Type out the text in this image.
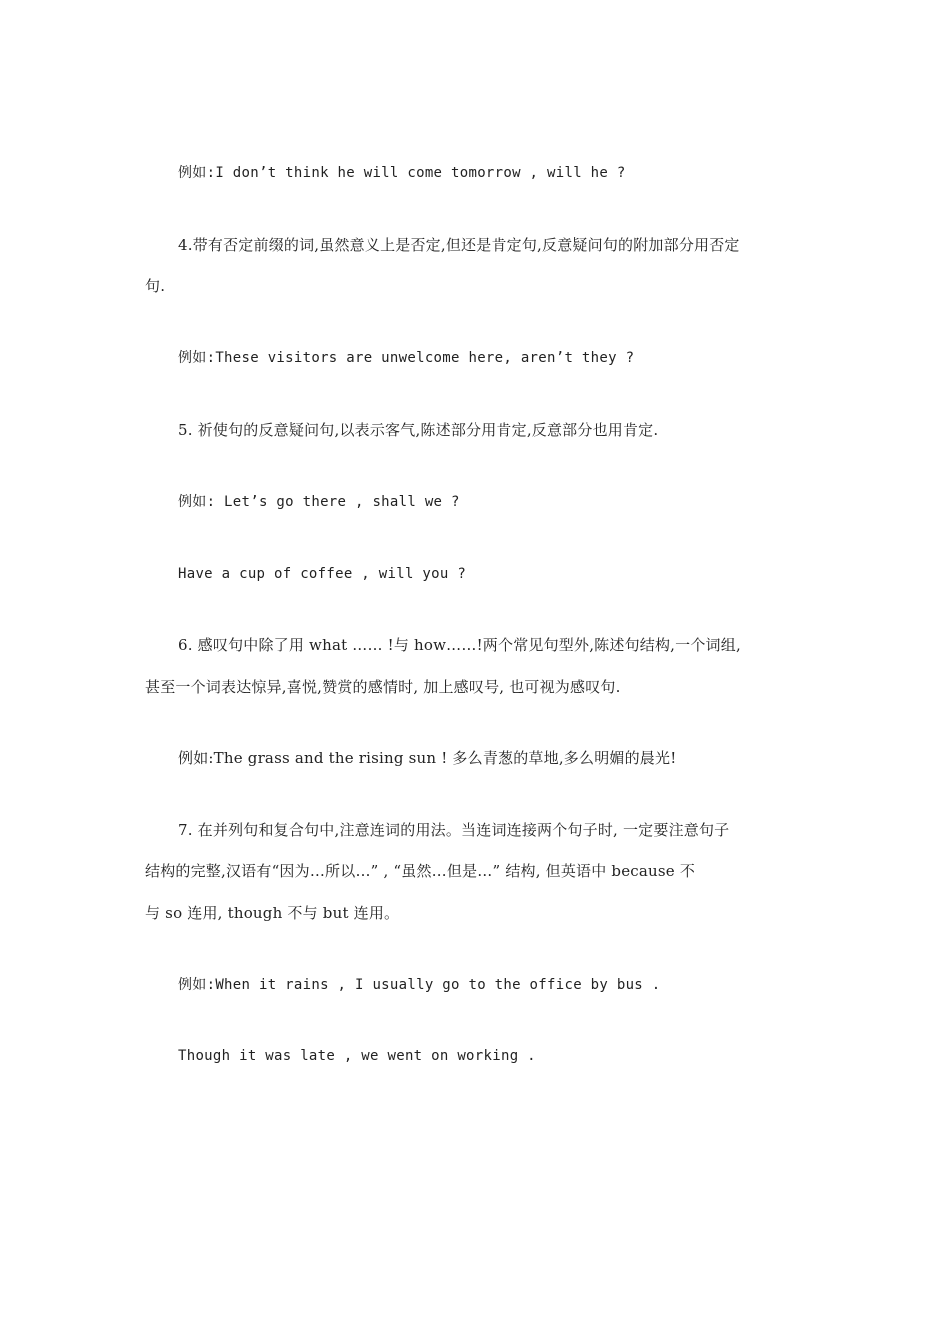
例如:I don’t think he will come tomorrow , will he ?
4.带有否定前缀的词,虽然意义上是否定,但还是肯定句,反意疑问句的附加部分用否定
句.
例如:These visitors are unwelcome here, aren’t they ?
5. 祈使句的反意疑问句,以表示客气,陈述部分用肯定,反意部分也用肯定.
例如: Let’s go there , shall we ?
Have a cup of coffee , will you ?
6. 感叹句中除了用 what …… !与 how……!两个常见句型外,陈述句结构,一个词组,
甚至一个词表达惊异,喜悦,赞赏的感情时, 加上感叹号, 也可视为感叹句.
例如:The grass and the rising sun ! 多么青葱的草地,多么明媚的晨光!
7. 在并列句和复合句中,注意连词的用法。当连词连接两个句子时, 一定要注意句子
结构的完整,汉语有“因为…所以…” , “虽然…但是…” 结构, 但英语中 because 不
与 so 连用, though 不与 but 连用。
例如:When it rains , I usually go to the office by bus .
Though it was late , we went on working .
